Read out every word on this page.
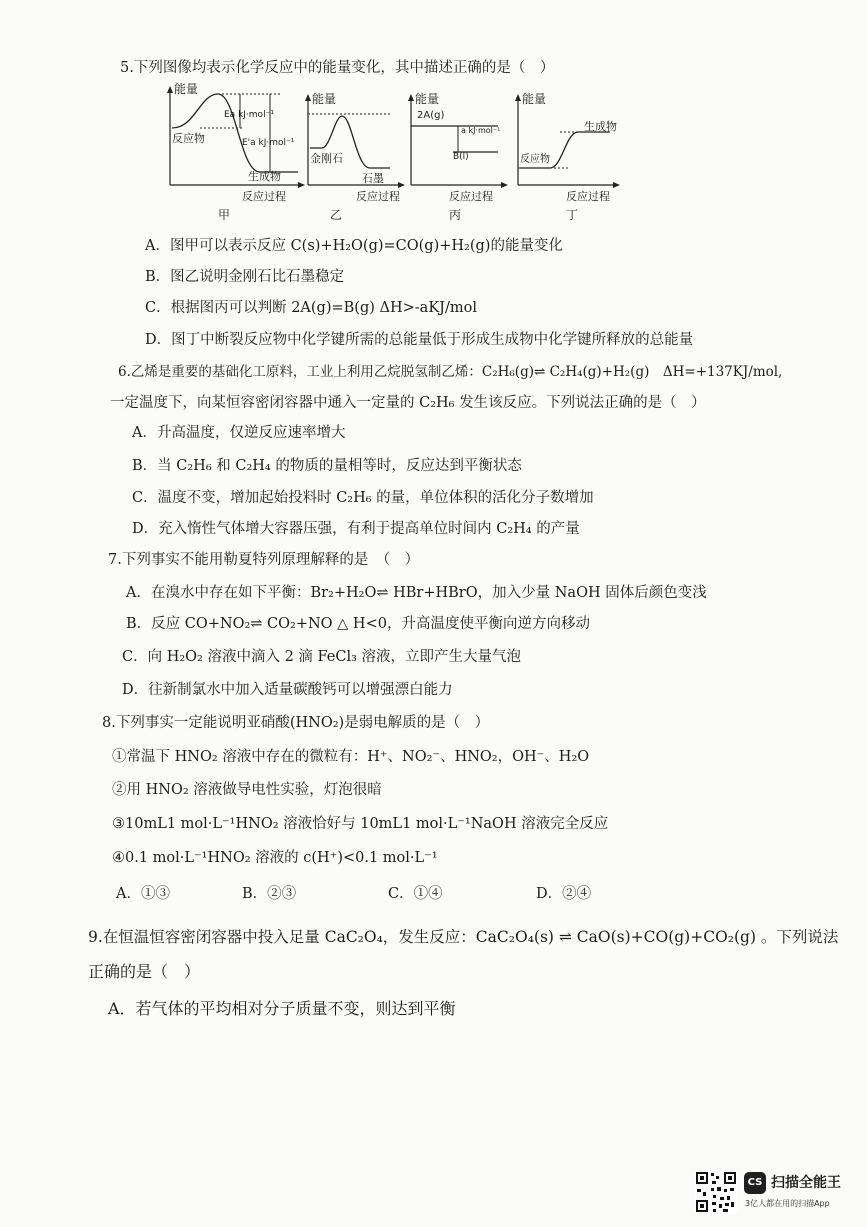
5.下列图像均表示化学反应中的能量变化，其中描述正确的是（　）
能量
Ea kJ·mol⁻¹
反应物	E'a kJ·mol⁻¹
生成物
反应过程
甲
能量
金刚石
石墨
反应过程
乙
能量
2A(g)
a kJ·mol⁻¹
B(l)
反应过程
丙
能量
生成物
反应物
反应过程
丁
A．图甲可以表示反应 C(s)+H₂O(g)=CO(g)+H₂(g)的能量变化
B．图乙说明金刚石比石墨稳定
C．根据图丙可以判断 2A(g)=B(g) ΔH>-aKJ/mol
D．图丁中断裂反应物中化学键所需的总能量低于形成生成物中化学键所释放的总能量
6.乙烯是重要的基础化工原料，工业上利用乙烷脱氢制乙烯：C₂H₆(g)⇌ C₂H₄(g)+H₂(g)　ΔH=+137KJ/mol,
一定温度下，向某恒容密闭容器中通入一定量的 C₂H₆ 发生该反应。下列说法正确的是（　）
A．升高温度，仅逆反应速率增大
B．当 C₂H₆ 和 C₂H₄ 的物质的量相等时，反应达到平衡状态
C．温度不变，增加起始投料时 C₂H₆ 的量，单位体积的活化分子数增加
D．充入惰性气体增大容器压强，有利于提高单位时间内 C₂H₄ 的产量
7.下列事实不能用勒夏特列原理解释的是　（　）
A．在溴水中存在如下平衡：Br₂+H₂O⇌ HBr+HBrO，加入少量 NaOH 固体后颜色变浅
B．反应 CO+NO₂⇌ CO₂+NO △ H<0，升高温度使平衡向逆方向移动
C．向 H₂O₂ 溶液中滴入 2 滴 FeCl₃ 溶液，立即产生大量气泡
D．往新制氯水中加入适量碳酸钙可以增强漂白能力
8.下列事实一定能说明亚硝酸(HNO₂)是弱电解质的是（　）
①常温下 HNO₂ 溶液中存在的微粒有：H⁺、NO₂⁻、HNO₂，OH⁻、H₂O
②用 HNO₂ 溶液做导电性实验，灯泡很暗
③10mL1 mol·L⁻¹HNO₂ 溶液恰好与 10mL1 mol·L⁻¹NaOH 溶液完全反应
④0.1 mol·L⁻¹HNO₂ 溶液的 c(H⁺)<0.1 mol·L⁻¹
A．①③	B．②③	C．①④	D．②④
9.在恒温恒容密闭容器中投入足量 CaC₂O₄，发生反应：CaC₂O₄(s) ⇌ CaO(s)+CO(g)+CO₂(g) 。下列说法
正确的是（　）
A．若气体的平均相对分子质量不变，则达到平衡
CS 扫描全能王
3亿人都在用的扫描App
